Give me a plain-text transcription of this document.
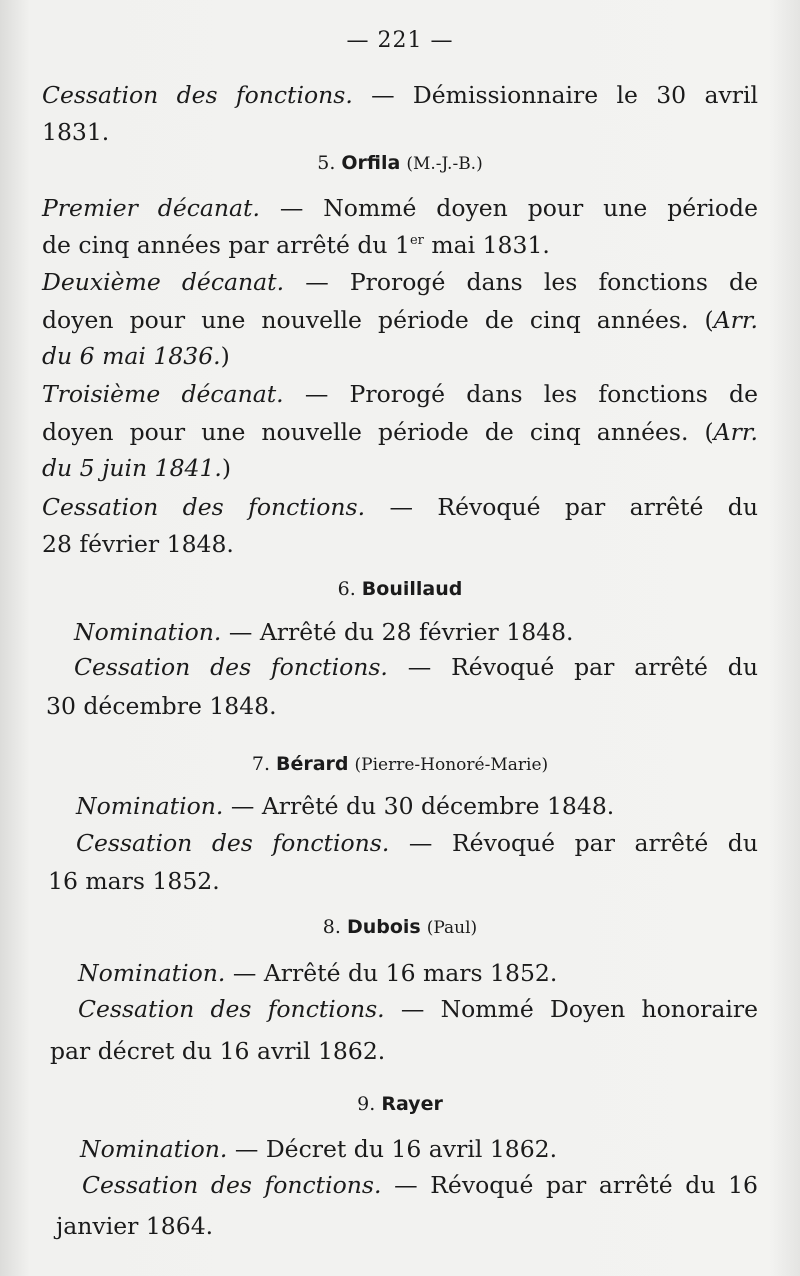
— 221 —
Cessation des fonctions. — Démissionnaire le 30 avril
1831.
5. Orfila (M.-J.-B.)
Premier décanat. — Nommé doyen pour une période
de cinq années par arrêté du 1er mai 1831.
Deuxième décanat. — Prorogé dans les fonctions de
doyen pour une nouvelle période de cinq années. (Arr.
du 6 mai 1836.)
Troisième décanat. — Prorogé dans les fonctions de
doyen pour une nouvelle période de cinq années. (Arr.
du 5 juin 1841.)
Cessation des fonctions. — Révoqué par arrêté du
28 février 1848.
6. Bouillaud
Nomination. — Arrêté du 28 février 1848.
Cessation des fonctions. — Révoqué par arrêté du
30 décembre 1848.
7. Bérard (Pierre-Honoré-Marie)
Nomination. — Arrêté du 30 décembre 1848.
Cessation des fonctions. — Révoqué par arrêté du
16 mars 1852.
8. Dubois (Paul)
Nomination. — Arrêté du 16 mars 1852.
Cessation des fonctions. — Nommé Doyen honoraire
par décret du 16 avril 1862.
9. Rayer
Nomination. — Décret du 16 avril 1862.
Cessation des fonctions. — Révoqué par arrêté du 16
janvier 1864.
